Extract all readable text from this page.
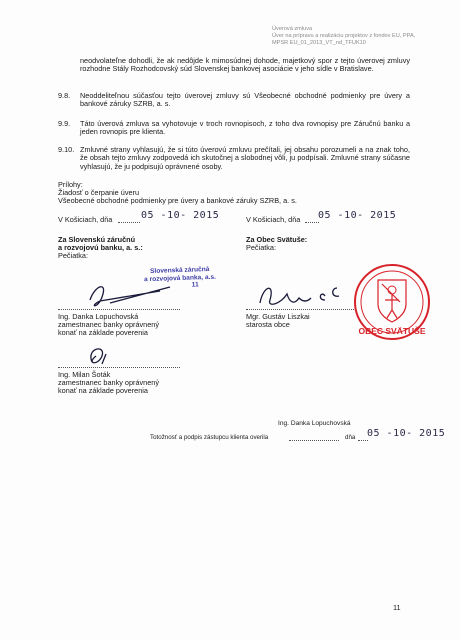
Úverová zmluva
Úver na prípravu a realizáciu projektov z fondov EU, PPA,
MPSR EU_01_2013_VT_nd_TFUK10
neodvolateľne dohodli, že ak nedôjde k mimosúdnej dohode, majetkový spor z tejto úverovej zmluvy rozhodne Stály Rozhodcovský súd Slovenskej bankovej asociácie v jeho sídle v Bratislave.
9.8. Neoddeliteľnou súčasťou tejto úverovej zmluvy sú Všeobecné obchodné podmienky pre úvery a bankové záruky SZRB, a. s.
9.9. Táto úverová zmluva sa vyhotovuje v troch rovnopisoch, z toho dva rovnopisy pre Záručnú banku a jeden rovnopis pre klienta.
9.10. Zmluvné strany vyhlasujú, že si túto úverovú zmluvu prečítali, jej obsahu porozumeli a na znak toho, že obsah tejto zmluvy zodpovedá ich skutočnej a slobodnej vôli, ju podpísali. Zmluvné strany súčasne vyhlasujú, že ju podpisujú oprávnené osoby.
Prílohy:
Žiadosť o čerpanie úveru
Všeobecné obchodné podmienky pre úvery a bankové záruky SZRB, a. s.
V Košiciach, dňa	05 -10- 2015	V Košiciach, dňa 05 -10- 2015
Za Slovenskú záručnú
a rozvojovú banku, a. s.:
Pečiatka:
Za Obec Svätuše:
Pečiatka:
Slovenská záručná
a rozvojová banka, a.s.
11
Ing. Danka Lopuchovská
zamestnanec banky oprávnený
konať na základe poverenia
Mgr. Gustáv Liszkai
starosta obce
OBEC SVÄTUŠE
Ing. Milan Šoták
zamestnanec banky oprávnený
konať na základe poverenia
Ing. Danka Lopuchovská
Totožnosť a podpis zástupcu klienta overila	dňa 05 -10- 2015
11
